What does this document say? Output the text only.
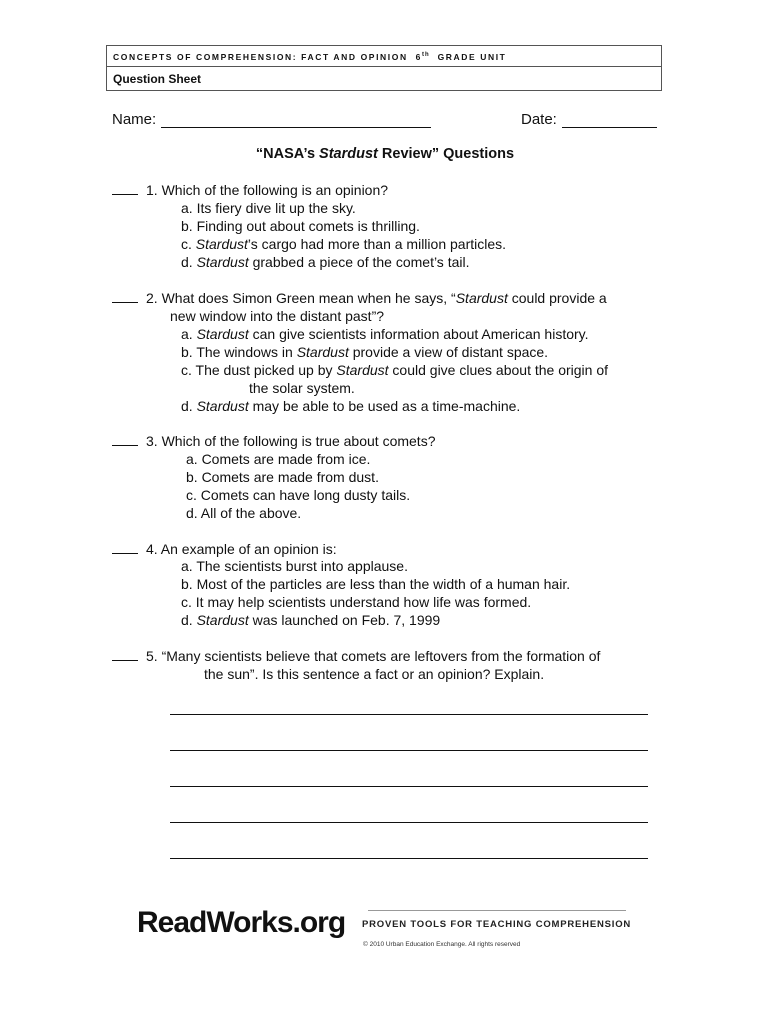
CONCEPTS OF COMPREHENSION: FACT AND OPINION 6th GRADE UNIT
Question Sheet
Name:	Date:
“NASA’s Stardust Review” Questions
1. Which of the following is an opinion?
a. Its fiery dive lit up the sky.
b. Finding out about comets is thrilling.
c. Stardust’s cargo had more than a million particles.
d. Stardust grabbed a piece of the comet’s tail.
2. What does Simon Green mean when he says, “Stardust could provide a
new window into the distant past”?
a. Stardust can give scientists information about American history.
b. The windows in Stardust provide a view of distant space.
c. The dust picked up by Stardust could give clues about the origin of
the solar system.
d. Stardust may be able to be used as a time-machine.
3. Which of the following is true about comets?
a. Comets are made from ice.
b. Comets are made from dust.
c. Comets can have long dusty tails.
d. All of the above.
4. An example of an opinion is:
a. The scientists burst into applause.
b. Most of the particles are less than the width of a human hair.
c. It may help scientists understand how life was formed.
d. Stardust was launched on Feb. 7, 1999
5. “Many scientists believe that comets are leftovers from the formation of
the sun”. Is this sentence a fact or an opinion? Explain.
ReadWorks.org PROVEN TOOLS FOR TEACHING COMPREHENSION
© 2010 Urban Education Exchange. All rights reserved
